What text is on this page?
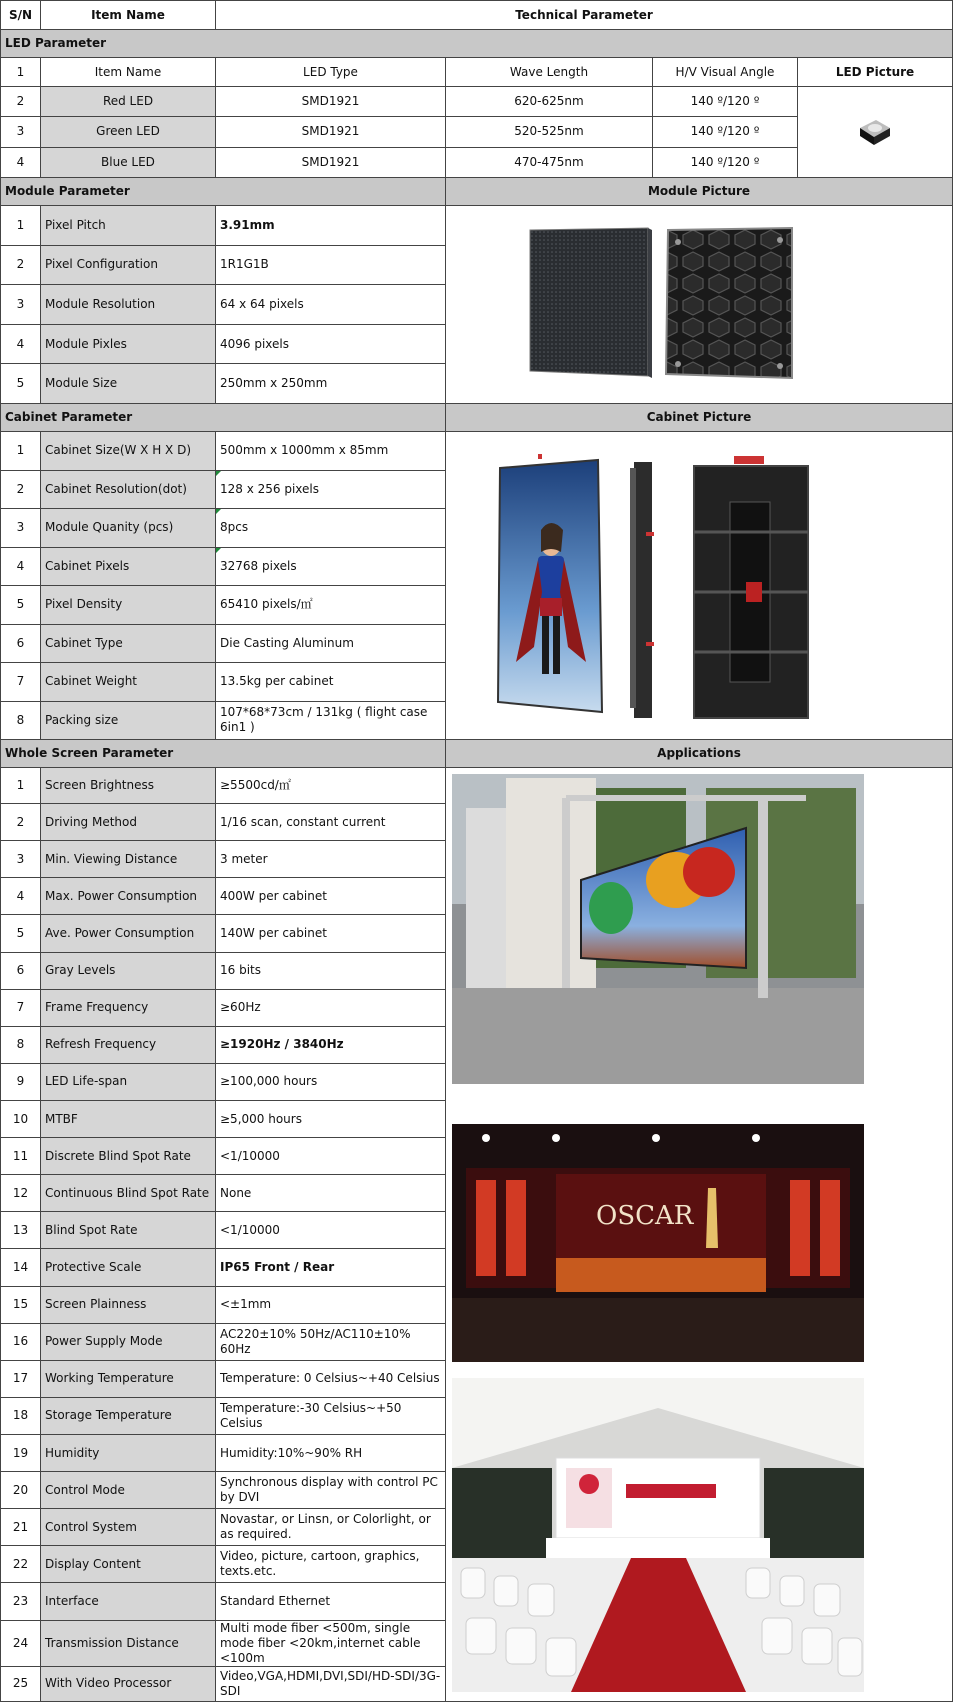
S/N	Item Name	Technical Parameter			
LED Parameter					
1	Item Name	LED Type	Wave Length	H/V Visual Angle	LED Picture
2	Red LED	SMD1921	620-625nm	140 º/120 º	
3	Green LED	SMD1921	520-525nm	140 º/120 º	
4	Blue LED	SMD1921	470-475nm	140 º/120 º	
Module Parameter			Module Picture		
1	Pixel Pitch	3.91mm	
2	Pixel Configuration	1R1G1B			
3	Module Resolution	64 x 64 pixels			
4	Module Pixles	4096 pixels			
5	Module Size	250mm x 250mm			
Cabinet Parameter			Cabinet Picture		
1	Cabinet Size(W X H X D)	500mm x 1000mm x 85mm	
2	Cabinet Resolution(dot)	128 x 256 pixels			
3	Module Quanity (pcs)	8pcs			
4	Cabinet Pixels	32768 pixels			
5	Pixel Density	65410 pixels/㎡			
6	Cabinet Type	Die Casting Aluminum			
7	Cabinet Weight	13.5kg per cabinet			
8	Packing size	107*68*73cm / 131kg ( flight case 6in1 )			
Whole Screen Parameter			Applications		
1	Screen Brightness	≥5500cd/㎡	OSCAR		

2	Driving Method	1/16 scan, constant current			
3	Min. Viewing Distance	3 meter			
4	Max. Power Consumption	400W per cabinet			
5	Ave. Power Consumption	140W per cabinet			
6	Gray Levels	16 bits			
7	Frame Frequency	≥60Hz			
8	Refresh Frequency	≥1920Hz / 3840Hz			
9	LED Life-span	≥100,000 hours			
10	MTBF	≥5,000 hours			
11	Discrete Blind Spot Rate	<1/10000			
12	Continuous Blind Spot Rate	None			
13	Blind Spot Rate	<1/10000			
14	Protective Scale	IP65 Front / Rear			
15	Screen Plainness	<±1mm			
16	Power Supply Mode	AC220±10% 50Hz/AC110±10% 60Hz			
17	Working Temperature	Temperature: 0 Celsius~+40 Celsius			
18	Storage Temperature	Temperature:-30 Celsius~+50 Celsius			
19	Humidity	Humidity:10%~90% RH			
20	Control Mode	Synchronous display with control PC by DVI			
21	Control System	Novastar, or Linsn, or Colorlight, or as required.			
22	Display Content	Video, picture, cartoon, graphics, texts.etc.			
23	Interface	Standard Ethernet			
24	Transmission Distance	Multi mode fiber <500m, single mode fiber <20km,internet cable <100m			
25	With Video Processor	Video,VGA,HDMI,DVI,SDI/HD-SDI/3G-SDI			
